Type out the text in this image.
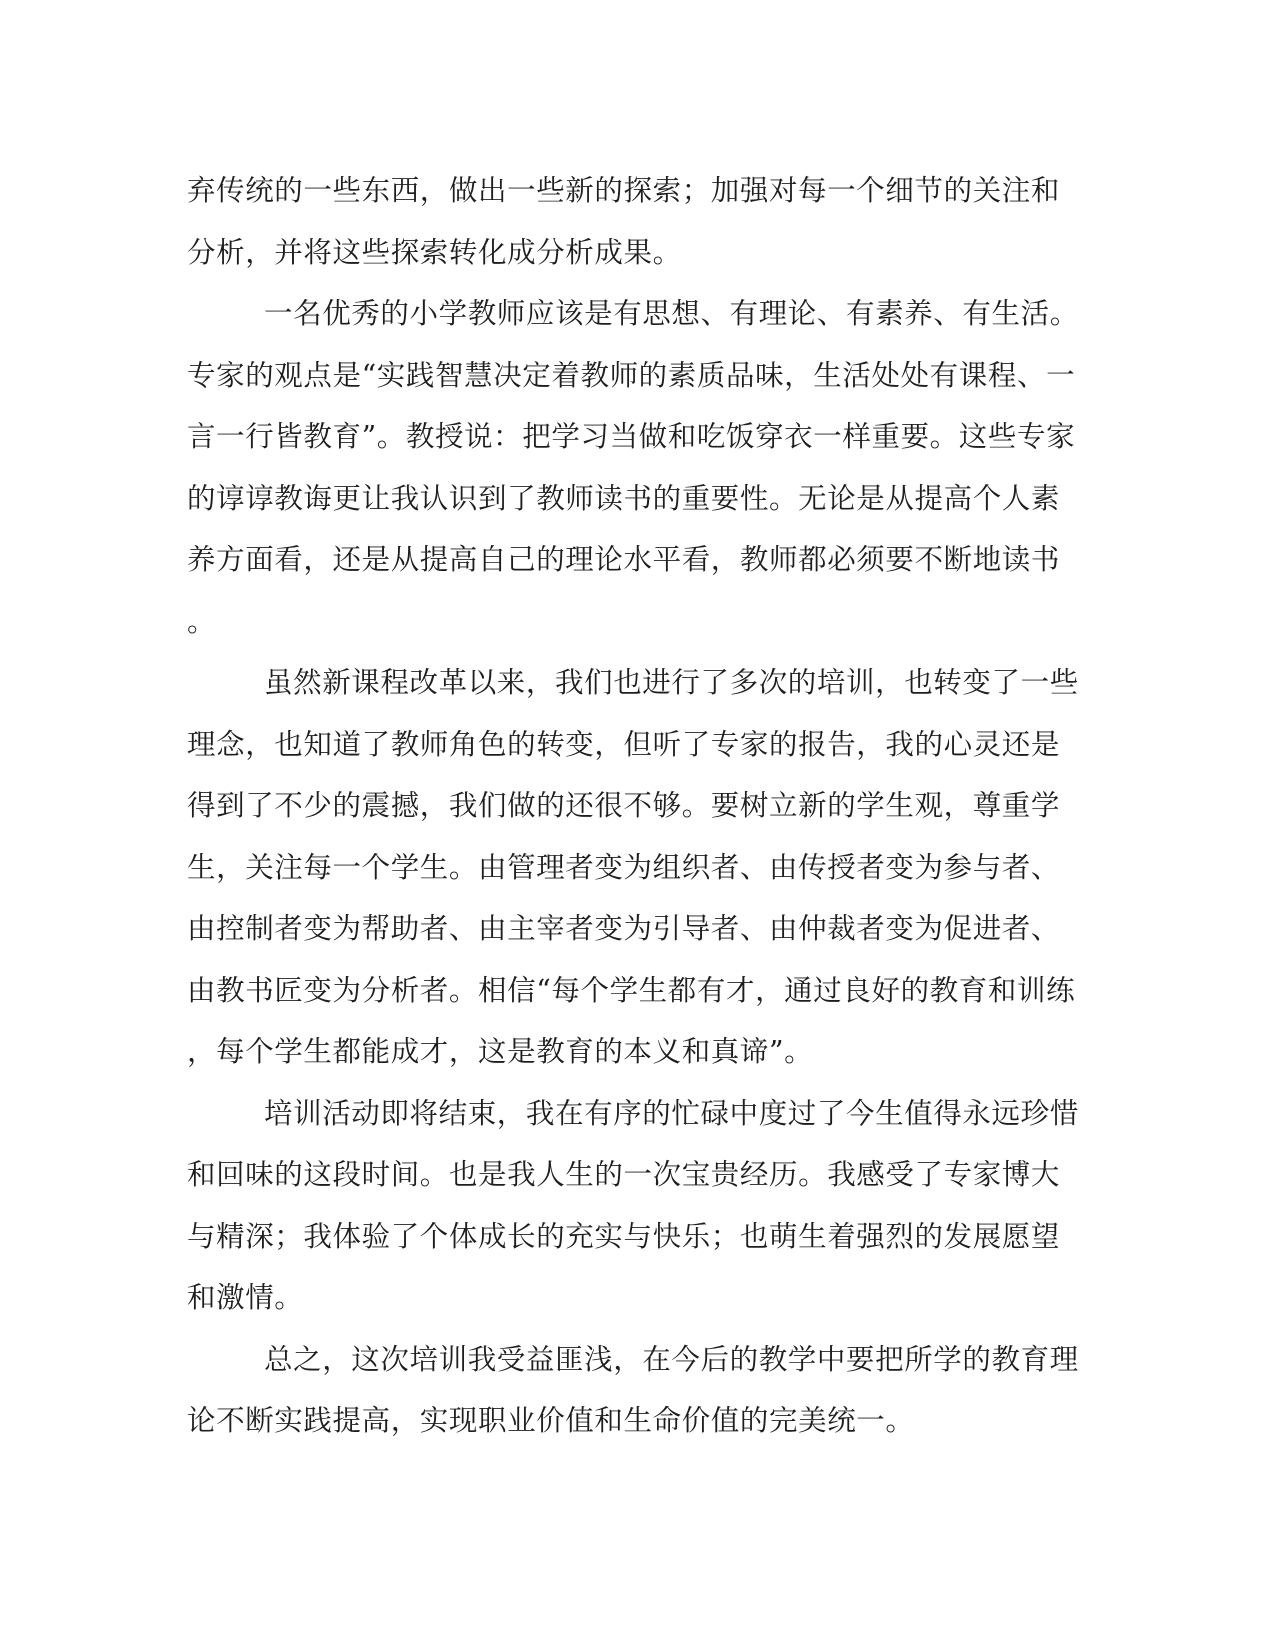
弃传统的一些东西，做出一些新的探索；加强对每一个细节的关注和
分析，并将这些探索转化成分析成果。
一名优秀的小学教师应该是有思想、有理论、有素养、有生活。
专家的观点是“实践智慧决定着教师的素质品味，生活处处有课程、一
言一行皆教育”。教授说：把学习当做和吃饭穿衣一样重要。这些专家
的谆谆教诲更让我认识到了教师读书的重要性。无论是从提高个人素
养方面看，还是从提高自己的理论水平看，教师都必须要不断地读书
。
虽然新课程改革以来，我们也进行了多次的培训，也转变了一些
理念，也知道了教师角色的转变，但听了专家的报告，我的心灵还是
得到了不少的震撼，我们做的还很不够。要树立新的学生观，尊重学
生，关注每一个学生。由管理者变为组织者、由传授者变为参与者、
由控制者变为帮助者、由主宰者变为引导者、由仲裁者变为促进者、
由教书匠变为分析者。相信“每个学生都有才，通过良好的教育和训练
，每个学生都能成才，这是教育的本义和真谛”。
培训活动即将结束，我在有序的忙碌中度过了今生值得永远珍惜
和回味的这段时间。也是我人生的一次宝贵经历。我感受了专家博大
与精深；我体验了个体成长的充实与快乐；也萌生着强烈的发展愿望
和激情。
总之，这次培训我受益匪浅，在今后的教学中要把所学的教育理
论不断实践提高，实现职业价值和生命价值的完美统一。
